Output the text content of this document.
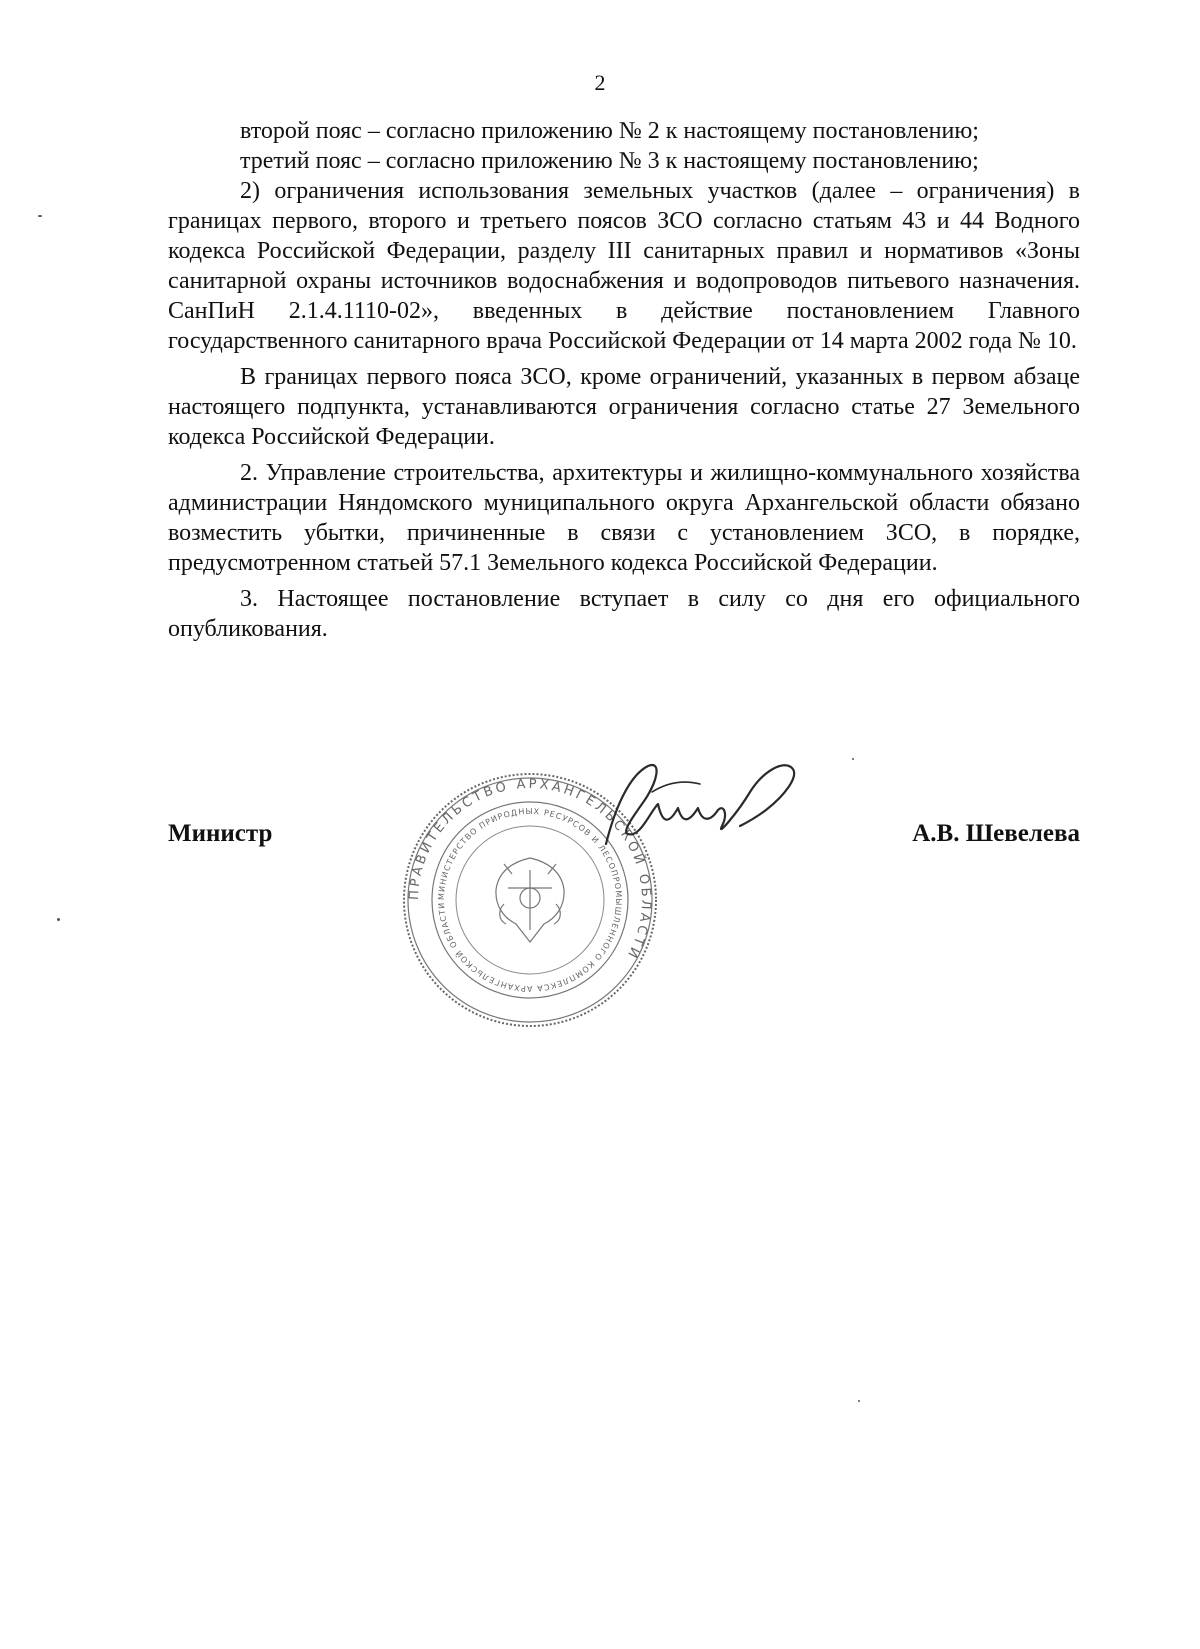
2

второй пояс – согласно приложению № 2 к настоящему постановлению;

третий пояс – согласно приложению № 3 к настоящему постановлению;

2) ограничения использования земельных участков (далее – ограничения) в границах первого, второго и третьего поясов ЗСО согласно статьям 43 и 44 Водного кодекса Российской Федерации, разделу III санитарных правил и нормативов «Зоны санитарной охраны источников водоснабжения и водопроводов питьевого назначения. СанПиН 2.1.4.1110-02», введенных в действие постановлением Главного государственного санитарного врача Российской Федерации от 14 марта 2002 года № 10.

В границах первого пояса ЗСО, кроме ограничений, указанных в первом абзаце настоящего подпункта, устанавливаются ограничения согласно статье 27 Земельного кодекса Российской Федерации.

2. Управление строительства, архитектуры и жилищно-коммунального хозяйства администрации Няндомского муниципального округа Архангельской области обязано возместить убытки, причиненные в связи с установлением ЗСО, в порядке, предусмотренном статьей 57.1 Земельного кодекса Российской Федерации.

3. Настоящее постановление вступает в силу со дня его официального опубликования.

Министр
ПРАВИТЕЛЬСТВО АРХАНГЕЛЬСКОЙ ОБЛАСТИ
МИНИСТЕРСТВО ПРИРОДНЫХ РЕСУРСОВ И ЛЕСОПРОМЫШЛЕННОГО КОМПЛЕКСА АРХАНГЕЛЬСКОЙ ОБЛАСТИ
А.В. Шевелева
